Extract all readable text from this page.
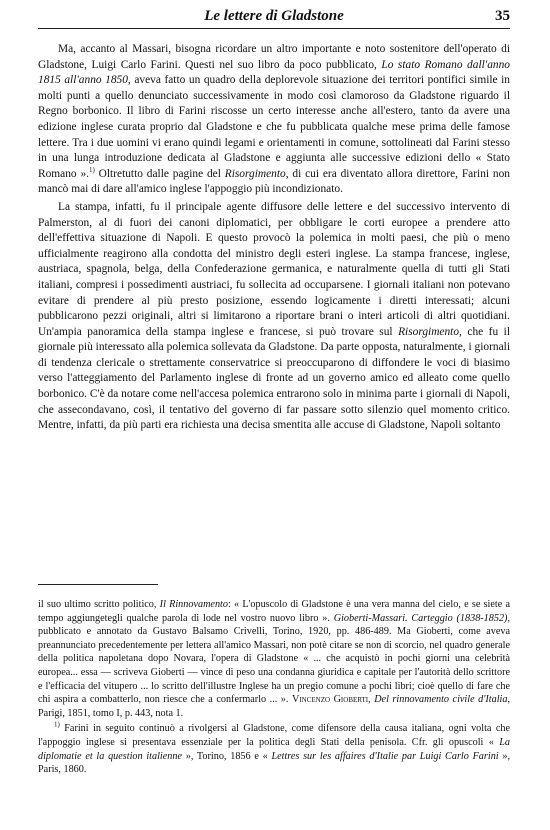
Le lettere di Gladstone	35

Ma, accanto al Massari, bisogna ricordare un altro importante e noto sostenitore dell'operato di Gladstone, Luigi Carlo Farini. Questi nel suo libro da poco pubblicato, Lo stato Romano dall'anno 1815 all'anno 1850, aveva fatto un quadro della deplorevole situazione dei territori pontifici simile in molti punti a quello denunciato successivamente in modo così clamoroso da Gladstone riguardo il Regno borbonico. Il libro di Farini riscosse un certo interesse anche all'estero, tanto da avere una edizione inglese curata proprio dal Gladstone e che fu pubblicata qualche mese prima delle famose lettere. Tra i due uomini vi erano quindi legami e orientamenti in comune, sottolineati dal Farini stesso in una lunga introduzione dedicata al Gladstone e aggiunta alle successive edizioni dello « Stato Romano ».$^{1)}$ Oltretutto dalle pagine del Risorgimento, di cui era diventato allora direttore, Farini non mancò mai di dare all'amico inglese l'appoggio più incondizionato.

La stampa, infatti, fu il principale agente diffusore delle lettere e del successivo intervento di Palmerston, al di fuori dei canoni diplomatici, per obbligare le corti europee a prendere atto dell'effettiva situazione di Napoli. E questo provocò la polemica in molti paesi, che più o meno ufficialmente reagirono alla condotta del ministro degli esteri inglese. La stampa francese, inglese, austriaca, spagnola, belga, della Confederazione germanica, e naturalmente quella di tutti gli Stati italiani, compresi i possedimenti austriaci, fu sollecita ad occuparsene. I giornali italiani non potevano evitare di prendere al più presto posizione, essendo logicamente i diretti interessati; alcuni pubblicarono pezzi originali, altri si limitarono a riportare brani o interi articoli di altri quotidiani. Un'ampia panoramica della stampa inglese e francese, si può trovare sul Risorgimento, che fu il giornale più interessato alla polemica sollevata da Gladstone. Da parte opposta, naturalmente, i giornali di tendenza clericale o strettamente conservatrice si preoccuparono di diffondere le voci di biasimo verso l'atteggiamento del Parlamento inglese di fronte ad un governo amico ed alleato come quello borbonico. C'è da notare come nell'accesa polemica entrarono solo in minima parte i giornali di Napoli, che assecondavano, così, il tentativo del governo di far passare sotto silenzio quel momento critico. Mentre, infatti, da più parti era richiesta una decisa smentita alle accuse di Gladstone, Napoli soltanto

il suo ultimo scritto politico, Il Rinnovamento: « L'opuscolo di Gladstone è una vera manna del cielo, e se siete a tempo aggiungetegli qualche parola di lode nel vostro nuovo libro ». Gioberti-Massari. Carteggio (1838-1852), pubblicato e annotato da Gustavo Balsamo Crivelli, Torino, 1920, pp. 486-489. Ma Gioberti, come aveva preannunciato precedentemente per lettera all'amico Massari, non potè citare se non di scorcio, nel quadro generale della politica napoletana dopo Novara, l'opera di Gladstone « ... che acquistò in pochi giorni una celebrità europea... essa — scriveva Gioberti — vince di peso una condanna giuridica e capitale per l'autorità dello scrittore e l'efficacia del vitupero ... lo scritto dell'illustre Inglese ha un pregio comune a pochi libri; cioè quello di fare che chi aspira a combatterlo, non riesce che a confermarlo ... ». Vincenzo Gioberti, Del rinnovamento civile d'Italia, Parigi, 1851, tomo I, p. 443, nota 1.

$^{1)}$ Farini in seguito continuò a rivolgersi al Gladstone, come difensore della causa italiana, ogni volta che l'appoggio inglese si presentava essenziale per la politica degli Stati della penisola. Cfr. gli opuscoli « La diplomatie et la question italienne », Torino, 1856 e « Lettres sur les affaires d'Italie par Luigi Carlo Farini », Paris, 1860.
